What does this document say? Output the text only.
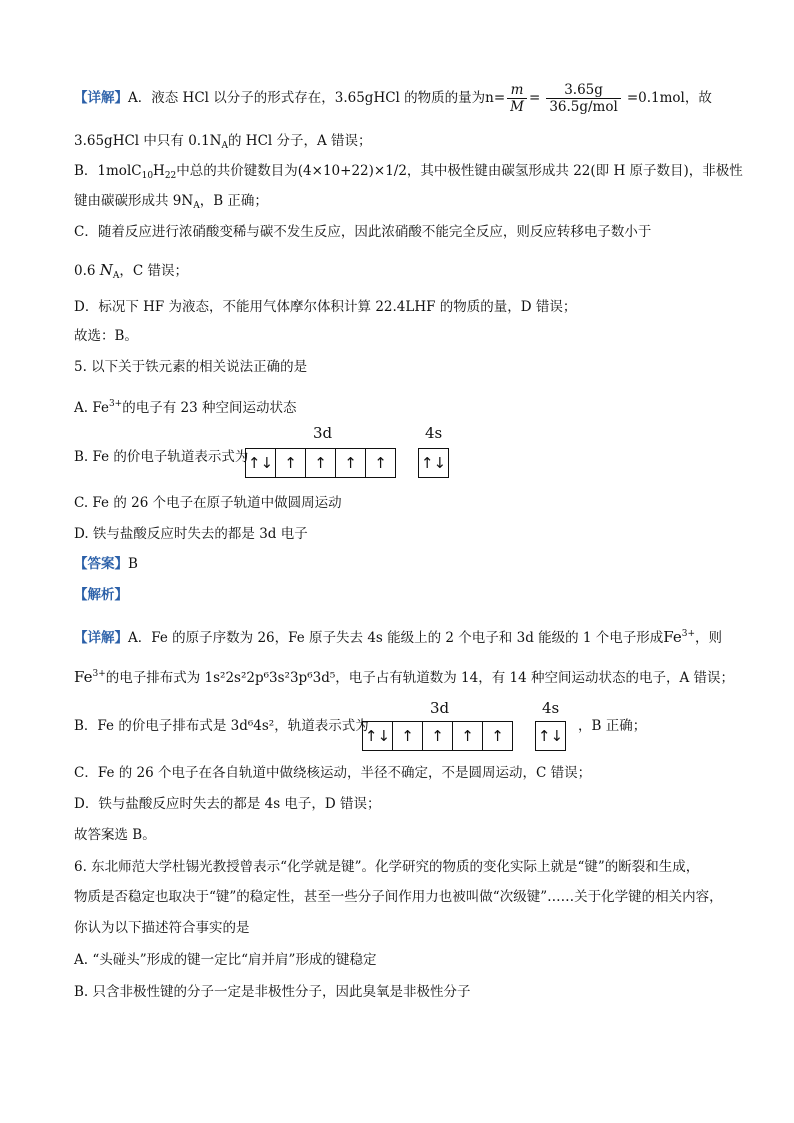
【详解】A．液态 HCl 以分子的形式存在，3.65gHCl 的物质的量为$n= \frac{m}{M} = \frac{3.65g}{\text{36.5g/mol}} =0.1mol$，故
3.65gHCl 中只有 $0.1N_A$的 HCl 分子，A 错误；
B．$1molC_{10}H_{22}$中总的共价键数目为(4×10+22)×1/2，其中极性键由碳氢形成共 22(即 H 原子数目)，非极性
键由碳碳形成共 $9N_A$，B 正确；
C．随着反应进行浓硝酸变稀与碳不发生反应，因此浓硝酸不能完全反应，则反应转移电子数小于
0.6 $N_A$，C 错误；
D．标况下 HF 为液态，不能用气体摩尔体积计算 22.4LHF 的物质的量，D 错误；
故选：B。
5. 以下关于铁元素的相关说法正确的是
A. $Fe^{3+}$的电子有 23 种空间运动状态
B. Fe 的价电子轨道表示式为
3d	4s
↑↓ ↑	↑	↑	↑	↑↓
C. Fe 的 26 个电子在原子轨道中做圆周运动
D. 铁与盐酸反应时失去的都是 3d 电子
【答案】B
【解析】
【详解】A．Fe 的原子序数为 26，Fe 原子失去 4s 能级上的 2 个电子和 3d 能级的 1 个电子形成$Fe^{3+}$，则
$Fe^{3+}$的电子排布式为 1s²2s²2p⁶3s²3p⁶3d⁵，电子占有轨道数为 14，有 14 种空间运动状态的电子，A 错误；
B．Fe 的价电子排布式是 3d⁶4s²，轨道表示式为
3d	4s
↑↓ ↑	↑	↑	↑	↑↓
，B 正确；
C．Fe 的 26 个电子在各自轨道中做绕核运动，半径不确定，不是圆周运动，C 错误；
D．铁与盐酸反应时失去的都是 4s 电子，D 错误；
故答案选 B。
6. 东北师范大学杜锡光教授曾表示“化学就是键”。化学研究的物质的变化实际上就是“键”的断裂和生成，
物质是否稳定也取决于“键”的稳定性，甚至一些分子间作用力也被叫做“次级键”……关于化学键的相关内容，
你认为以下描述符合事实的是
A. “头碰头”形成的键一定比“肩并肩”形成的键稳定
B. 只含非极性键的分子一定是非极性分子，因此臭氧是非极性分子
